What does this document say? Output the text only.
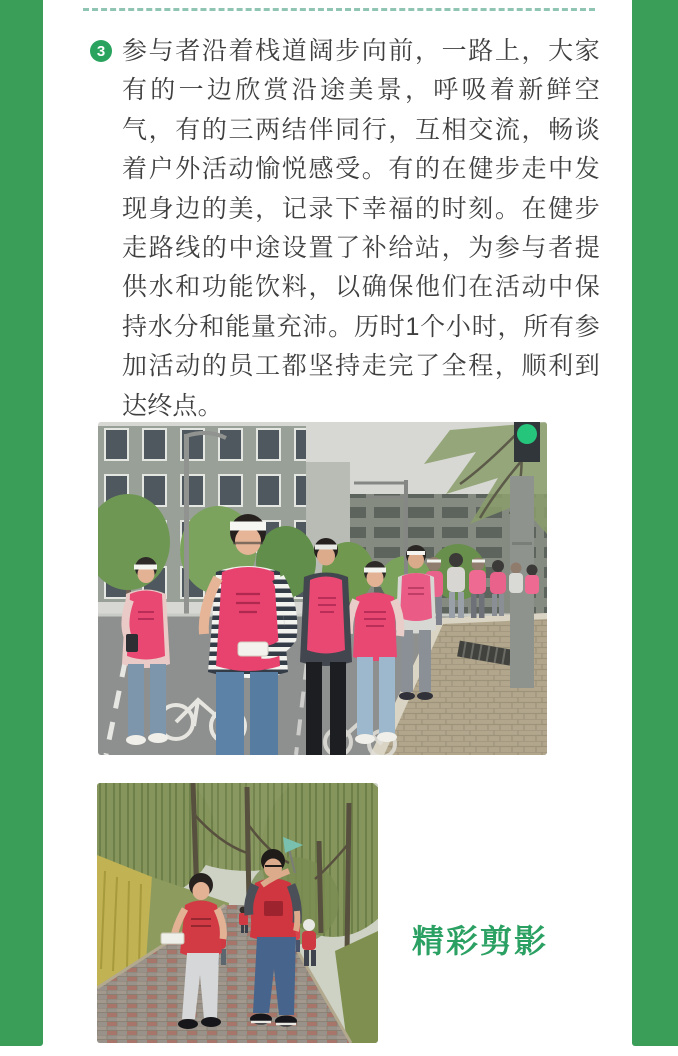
3 参与者沿着栈道阔步向前，一路上，大家有的一边欣赏沿途美景，呼吸着新鲜空气，有的三两结伴同行，互相交流，畅谈着户外活动愉悦感受。有的在健步走中发现身边的美，记录下幸福的时刻。在健步走路线的中途设置了补给站，为参与者提供水和功能饮料，以确保他们在活动中保持水分和能量充沛。历时1个小时，所有参加活动的员工都坚持走完了全程，顺利到达终点。
精彩剪影
